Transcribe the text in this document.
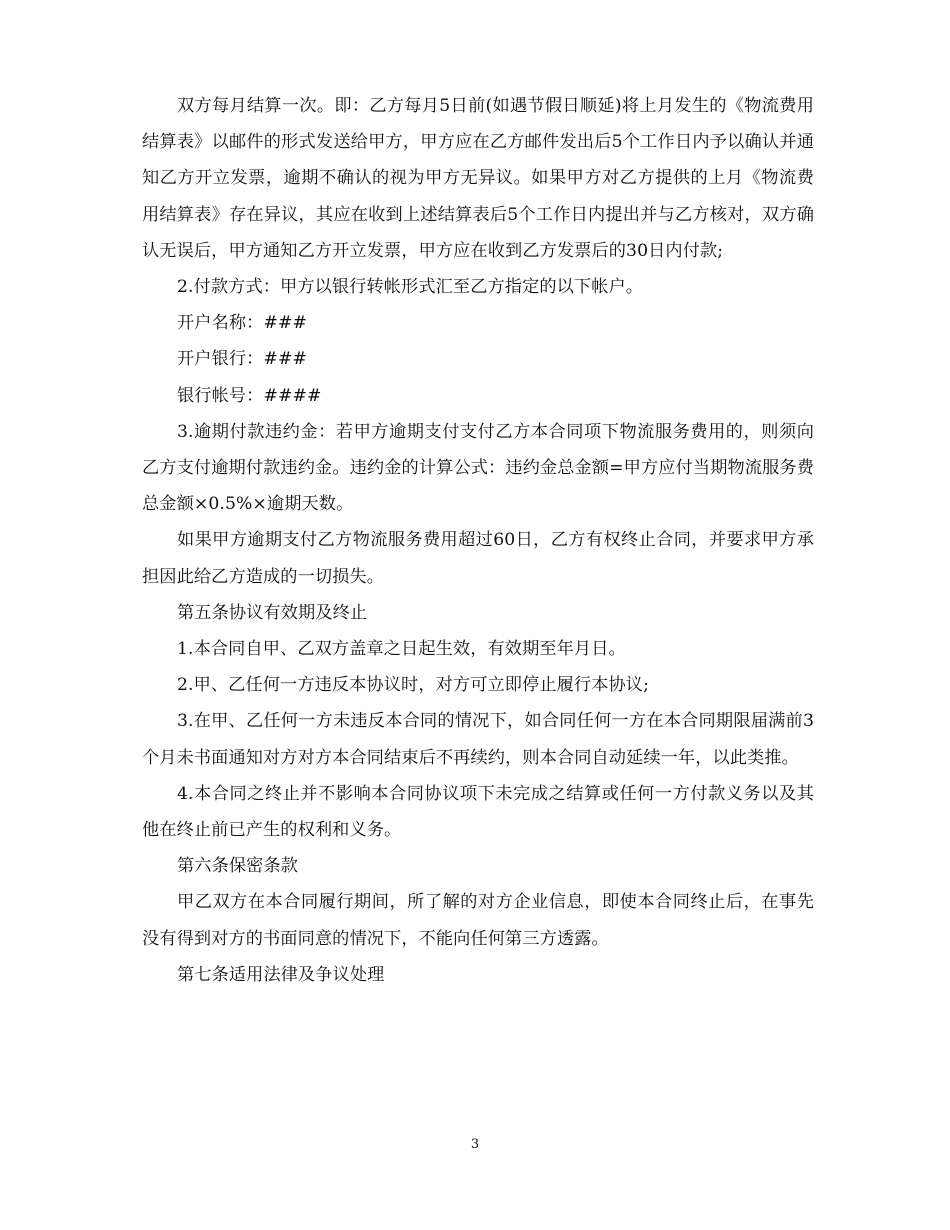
双方每月结算一次。即：乙方每月5日前(如遇节假日顺延)将上月发生的《物流费用结算表》以邮件的形式发送给甲方，甲方应在乙方邮件发出后5个工作日内予以确认并通知乙方开立发票，逾期不确认的视为甲方无异议。如果甲方对乙方提供的上月《物流费用结算表》存在异议，其应在收到上述结算表后5个工作日内提出并与乙方核对，双方确认无误后，甲方通知乙方开立发票，甲方应在收到乙方发票后的30日内付款;

2.付款方式：甲方以银行转帐形式汇至乙方指定的以下帐户。

开户名称：###

开户银行：###

银行帐号：####

3.逾期付款违约金：若甲方逾期支付支付乙方本合同项下物流服务费用的，则须向乙方支付逾期付款违约金。违约金的计算公式：违约金总金额=甲方应付当期物流服务费总金额×0.5%×逾期天数。

如果甲方逾期支付乙方物流服务费用超过60日，乙方有权终止合同，并要求甲方承担因此给乙方造成的一切损失。

第五条协议有效期及终止

1.本合同自甲、乙双方盖章之日起生效，有效期至年月日。

2.甲、乙任何一方违反本协议时，对方可立即停止履行本协议;

3.在甲、乙任何一方未违反本合同的情况下，如合同任何一方在本合同期限届满前3个月未书面通知对方对方本合同结束后不再续约，则本合同自动延续一年，以此类推。

4.本合同之终止并不影响本合同协议项下未完成之结算或任何一方付款义务以及其他在终止前已产生的权利和义务。

第六条保密条款

甲乙双方在本合同履行期间，所了解的对方企业信息，即使本合同终止后，在事先没有得到对方的书面同意的情况下，不能向任何第三方透露。

第七条适用法律及争议处理

3
